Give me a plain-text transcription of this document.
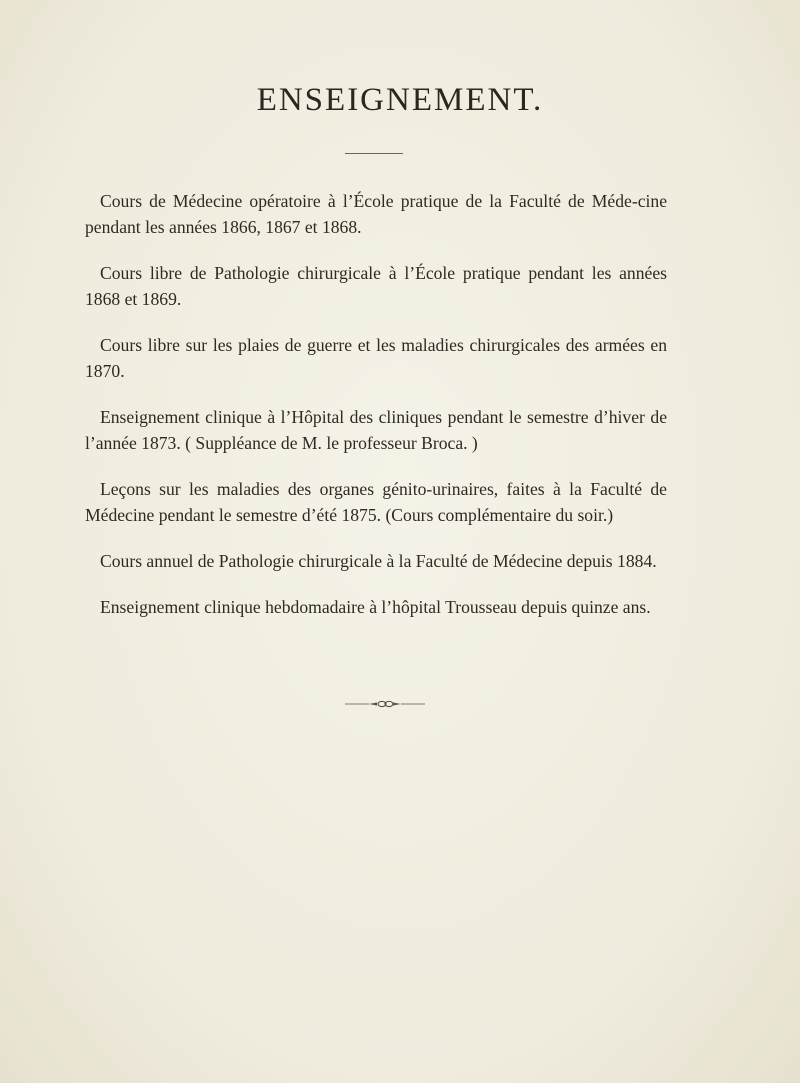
ENSEIGNEMENT.

Cours de Médecine opératoire à l’École pratique de la Faculté de Méde-cine pendant les années 1866, 1867 et 1868.

Cours libre de Pathologie chirurgicale à l’École pratique pendant les années 1868 et 1869.

Cours libre sur les plaies de guerre et les maladies chirurgicales des armées en 1870.

Enseignement clinique à l’Hôpital des cliniques pendant le semestre d’hiver de l’année 1873. ( Suppléance de M. le professeur Broca. )

Leçons sur les maladies des organes génito-urinaires, faites à la Faculté de Médecine pendant le semestre d’été 1875. (Cours complémentaire du soir.)

Cours annuel de Pathologie chirurgicale à la Faculté de Médecine depuis 1884.

Enseignement clinique hebdomadaire à l’hôpital Trousseau depuis quinze ans.
